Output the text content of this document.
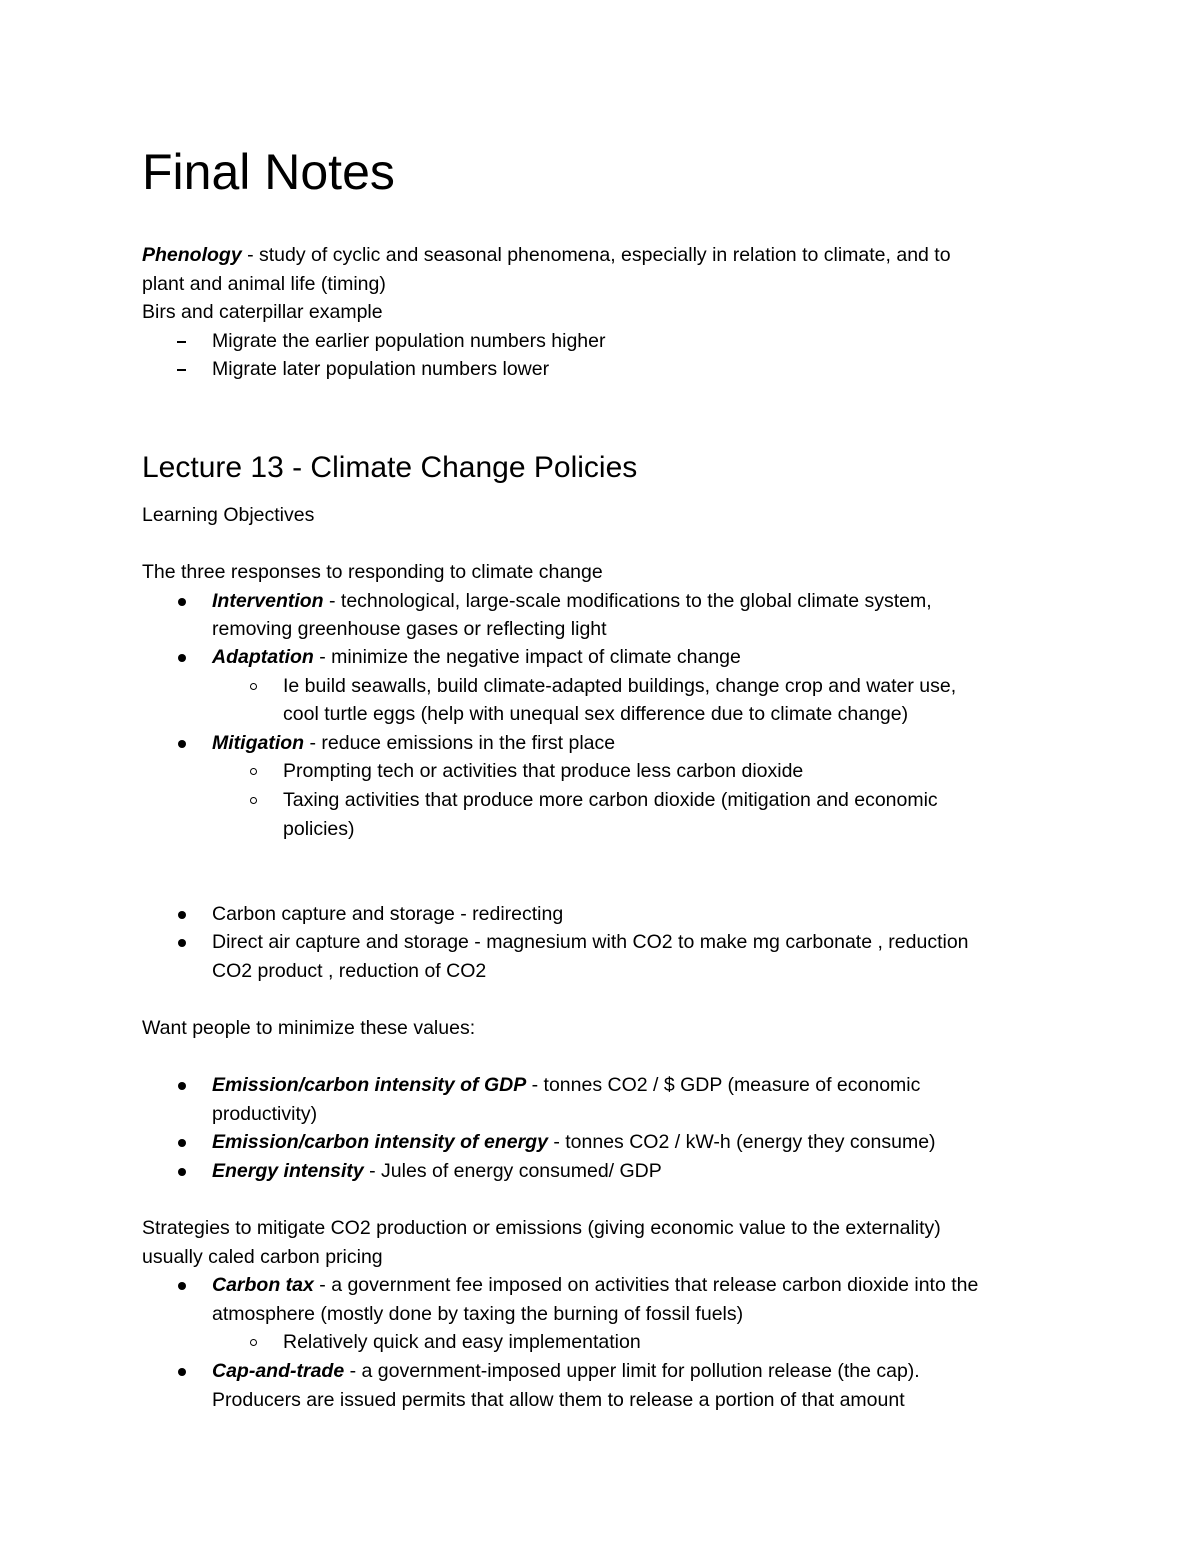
Final Notes
Phenology - study of cyclic and seasonal phenomena, especially in relation to climate, and to
plant and animal life (timing)
Birs and caterpillar example
Migrate the earlier population numbers higher
Migrate later population numbers lower
Lecture 13 - Climate Change Policies
Learning Objectives
The three responses to responding to climate change
Intervention - technological, large-scale modifications to the global climate system,
removing greenhouse gases or reflecting light
Adaptation - minimize the negative impact of climate change
Ie build seawalls, build climate-adapted buildings, change crop and water use,
cool turtle eggs (help with unequal sex difference due to climate change)
Mitigation - reduce emissions in the first place
Prompting tech or activities that produce less carbon dioxide
Taxing activities that produce more carbon dioxide (mitigation and economic
policies)
Carbon capture and storage - redirecting
Direct air capture and storage - magnesium with CO2 to make mg carbonate , reduction
CO2 product , reduction of CO2
Want people to minimize these values:
Emission/carbon intensity of GDP - tonnes CO2 / $ GDP (measure of economic
productivity)
Emission/carbon intensity of energy - tonnes CO2 / kW-h (energy they consume)
Energy intensity - Jules of energy consumed/ GDP
Strategies to mitigate CO2 production or emissions (giving economic value to the externality)
usually caled carbon pricing
Carbon tax - a government fee imposed on activities that release carbon dioxide into the
atmosphere (mostly done by taxing the burning of fossil fuels)
Relatively quick and easy implementation
Cap-and-trade - a government-imposed upper limit for pollution release (the cap).
Producers are issued permits that allow them to release a portion of that amount
